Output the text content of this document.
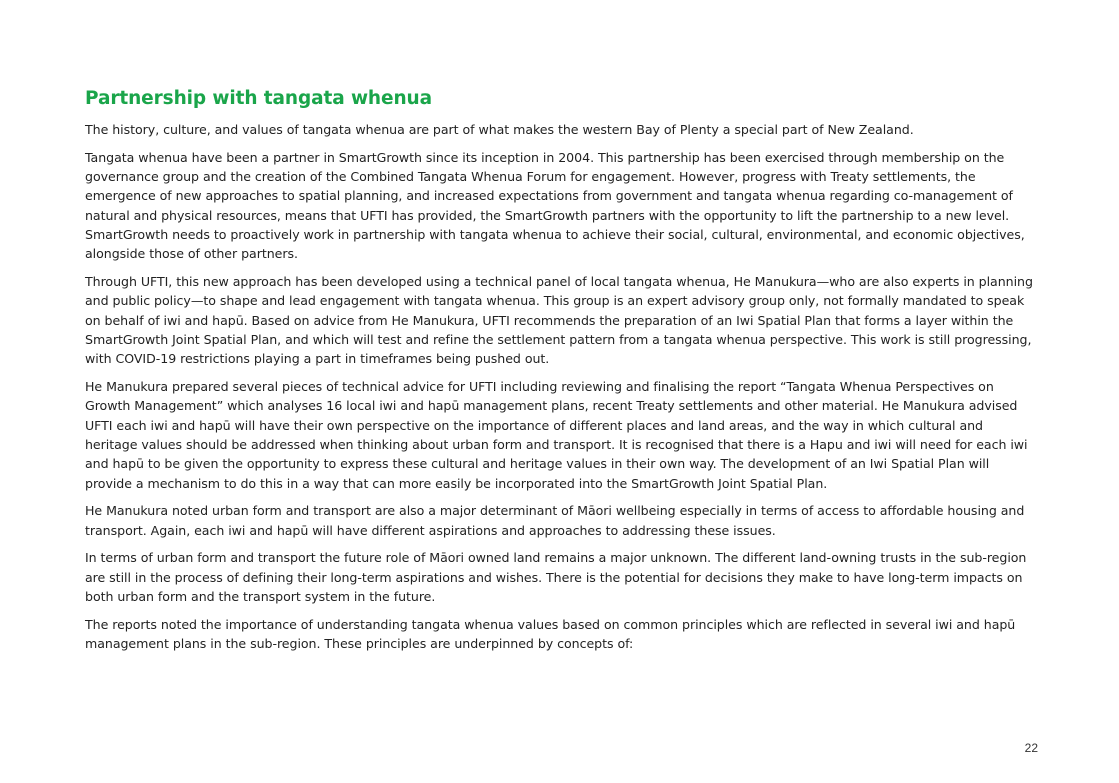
Partnership with tangata whenua

The history, culture, and values of tangata whenua are part of what makes the western Bay of Plenty a special part of New Zealand.

Tangata whenua have been a partner in SmartGrowth since its inception in 2004. This partnership has been exercised through membership on the governance group and the creation of the Combined Tangata Whenua Forum for engagement. However, progress with Treaty settlements, the emergence of new approaches to spatial planning, and increased expectations from government and tangata whenua regarding co-management of natural and physical resources, means that UFTI has provided, the SmartGrowth partners with the opportunity to lift the partnership to a new level. SmartGrowth needs to proactively work in partnership with tangata whenua to achieve their social, cultural, environmental, and economic objectives, alongside those of other partners.

Through UFTI, this new approach has been developed using a technical panel of local tangata whenua, He Manukura—who are also experts in planning and public policy—to shape and lead engagement with tangata whenua. This group is an expert advisory group only, not formally mandated to speak on behalf of iwi and hapū. Based on advice from He Manukura, UFTI recommends the preparation of an Iwi Spatial Plan that forms a layer within the SmartGrowth Joint Spatial Plan, and which will test and refine the settlement pattern from a tangata whenua perspective. This work is still progressing, with COVID-19 restrictions playing a part in timeframes being pushed out.

He Manukura prepared several pieces of technical advice for UFTI including reviewing and finalising the report “Tangata Whenua Perspectives on Growth Management” which analyses 16 local iwi and hapū management plans, recent Treaty settlements and other material. He Manukura advised UFTI each iwi and hapū will have their own perspective on the importance of different places and land areas, and the way in which cultural and heritage values should be addressed when thinking about urban form and transport. It is recognised that there is a Hapu and iwi will need for each iwi and hapū to be given the opportunity to express these cultural and heritage values in their own way. The development of an Iwi Spatial Plan will provide a mechanism to do this in a way that can more easily be incorporated into the SmartGrowth Joint Spatial Plan.

He Manukura noted urban form and transport are also a major determinant of Māori wellbeing especially in terms of access to affordable housing and transport. Again, each iwi and hapū will have different aspirations and approaches to addressing these issues.

In terms of urban form and transport the future role of Māori owned land remains a major unknown. The different land-owning trusts in the sub-region are still in the process of defining their long-term aspirations and wishes. There is the potential for decisions they make to have long-term impacts on both urban form and the transport system in the future.

The reports noted the importance of understanding tangata whenua values based on common principles which are reflected in several iwi and hapū management plans in the sub-region. These principles are underpinned by concepts of:

22
